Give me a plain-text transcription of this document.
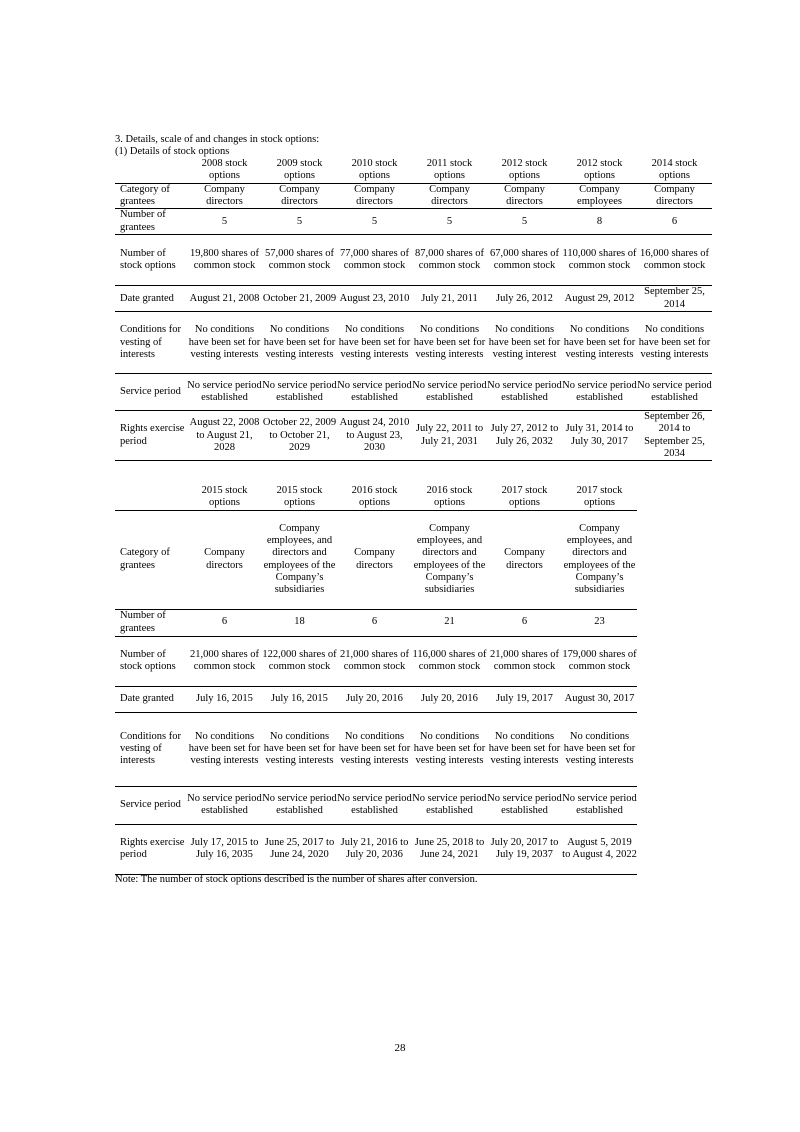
3. Details, scale of and changes in stock options:
(1) Details of stock options
	2008 stock options	2009 stock options	2010 stock options	2011 stock options	2012 stock options	2012 stock options	2014 stock options
Category of grantees	Company directors	Company directors	Company directors	Company directors	Company directors	Company employees	Company directors
Number of grantees	5	5	5	5	5	8	6
Number of stock options	19,800 shares of common stock	57,000 shares of common stock	77,000 shares of common stock	87,000 shares of common stock	67,000 shares of common stock	110,000 shares of common stock	16,000 shares of common stock
Date granted	August 21, 2008	October 21, 2009	August 23, 2010	July 21, 2011	July 26, 2012	August 29, 2012	September 25, 2014
Conditions for vesting of interests	No conditions have been set for vesting interests	No conditions have been set for vesting interests	No conditions have been set for vesting interests	No conditions have been set for vesting interests	No conditions have been set for vesting interest	No conditions have been set for vesting interests	No conditions have been set for vesting interests
Service period	No service period established	No service period established	No service period established	No service period established	No service period established	No service period established	No service period established
Rights exercise period	August 22, 2008 to August 21, 2028	October 22, 2009 to October 21, 2029	August 24, 2010 to August 23, 2030	July 22, 2011 to July 21, 2031	July 27, 2012 to July 26, 2032	July 31, 2014 to July 30, 2017	September 26, 2014 to September 25, 2034
	2015 stock options	2015 stock options	2016 stock options	2016 stock options	2017 stock options	2017 stock options
Category of grantees	Company directors	Company employees, and directors and employees of the Company’s subsidiaries	Company directors	Company employees, and directors and employees of the Company’s subsidiaries	Company directors	Company employees, and directors and employees of the Company’s subsidiaries
Number of grantees	6	18	6	21	6	23
Number of stock options	21,000 shares of common stock	122,000 shares of common stock	21,000 shares of common stock	116,000 shares of common stock	21,000 shares of common stock	179,000 shares of common stock
Date granted	July 16, 2015	July 16, 2015	July 20, 2016	July 20, 2016	July 19, 2017	August 30, 2017
Conditions for vesting of interests	No conditions have been set for vesting interests	No conditions have been set for vesting interests	No conditions have been set for vesting interests	No conditions have been set for vesting interests	No conditions have been set for vesting interests	No conditions have been set for vesting interests
Service period	No service period established	No service period established	No service period established	No service period established	No service period established	No service period established
Rights exercise period	July 17, 2015 to July 16, 2035	June 25, 2017 to June 24, 2020	July 21, 2016 to July 20, 2036	June 25, 2018 to June 24, 2021	July 20, 2017 to July 19, 2037	August 5, 2019 to August 4, 2022
Note: The number of stock options described is the number of shares after conversion.
28
